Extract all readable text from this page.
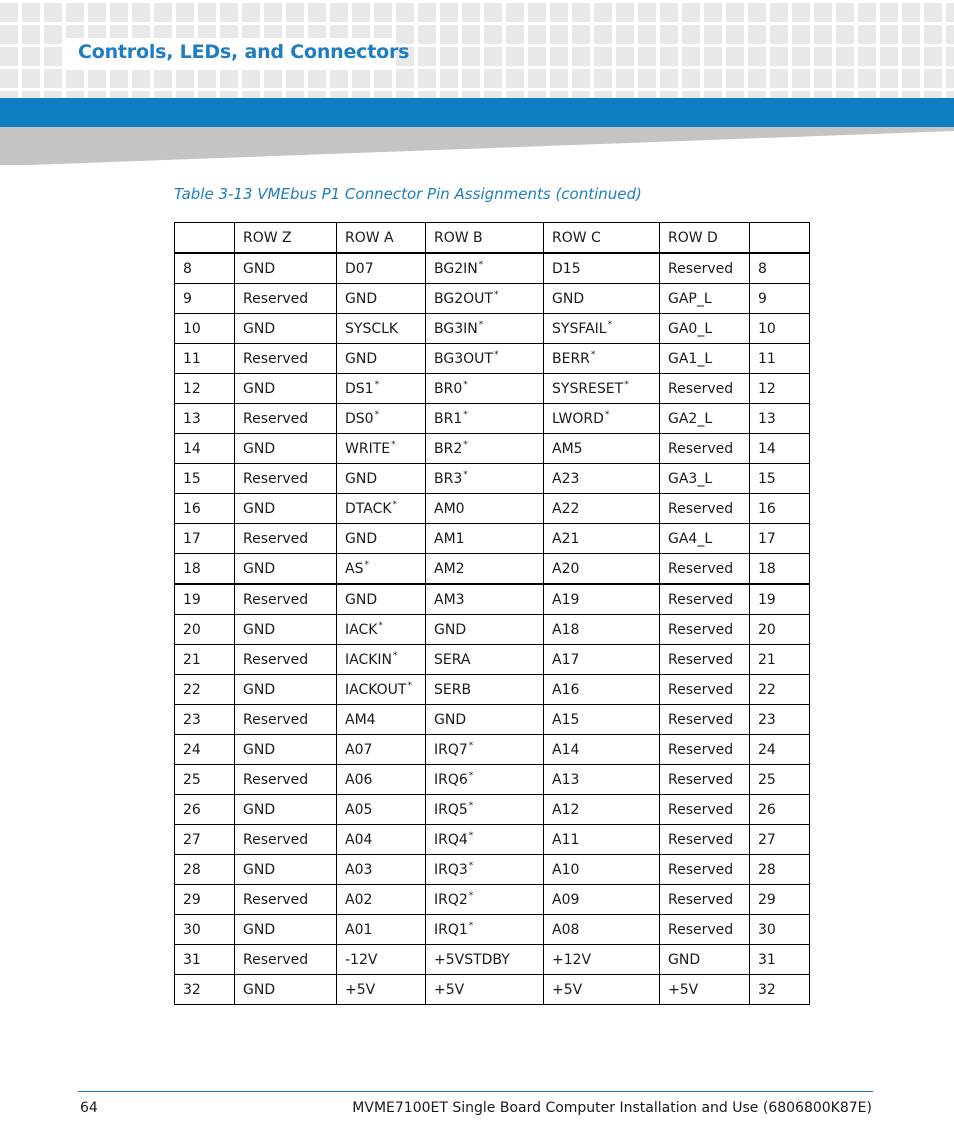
Controls, LEDs, and Connectors
Table 3-13 VMEbus P1 Connector Pin Assignments (continued)
	ROW Z	ROW A	ROW B	ROW C	ROW D	
8	GND	D07	BG2IN*	D15	Reserved	8
9	Reserved	GND	BG2OUT*	GND	GAP_L	9
10	GND	SYSCLK	BG3IN*	SYSFAIL*	GA0_L	10
11	Reserved	GND	BG3OUT*	BERR*	GA1_L	11
12	GND	DS1*	BR0*	SYSRESET*	Reserved	12
13	Reserved	DS0*	BR1*	LWORD*	GA2_L	13
14	GND	WRITE*	BR2*	AM5	Reserved	14
15	Reserved	GND	BR3*	A23	GA3_L	15
16	GND	DTACK*	AM0	A22	Reserved	16
17	Reserved	GND	AM1	A21	GA4_L	17
18	GND	AS*	AM2	A20	Reserved	18
19	Reserved	GND	AM3	A19	Reserved	19
20	GND	IACK*	GND	A18	Reserved	20
21	Reserved	IACKIN*	SERA	A17	Reserved	21
22	GND	IACKOUT*	SERB	A16	Reserved	22
23	Reserved	AM4	GND	A15	Reserved	23
24	GND	A07	IRQ7*	A14	Reserved	24
25	Reserved	A06	IRQ6*	A13	Reserved	25
26	GND	A05	IRQ5*	A12	Reserved	26
27	Reserved	A04	IRQ4*	A11	Reserved	27
28	GND	A03	IRQ3*	A10	Reserved	28
29	Reserved	A02	IRQ2*	A09	Reserved	29
30	GND	A01	IRQ1*	A08	Reserved	30
31	Reserved	-12V	+5VSTDBY	+12V	GND	31
32	GND	+5V	+5V	+5V	+5V	32
64	MVME7100ET Single Board Computer Installation and Use (6806800K87E)
